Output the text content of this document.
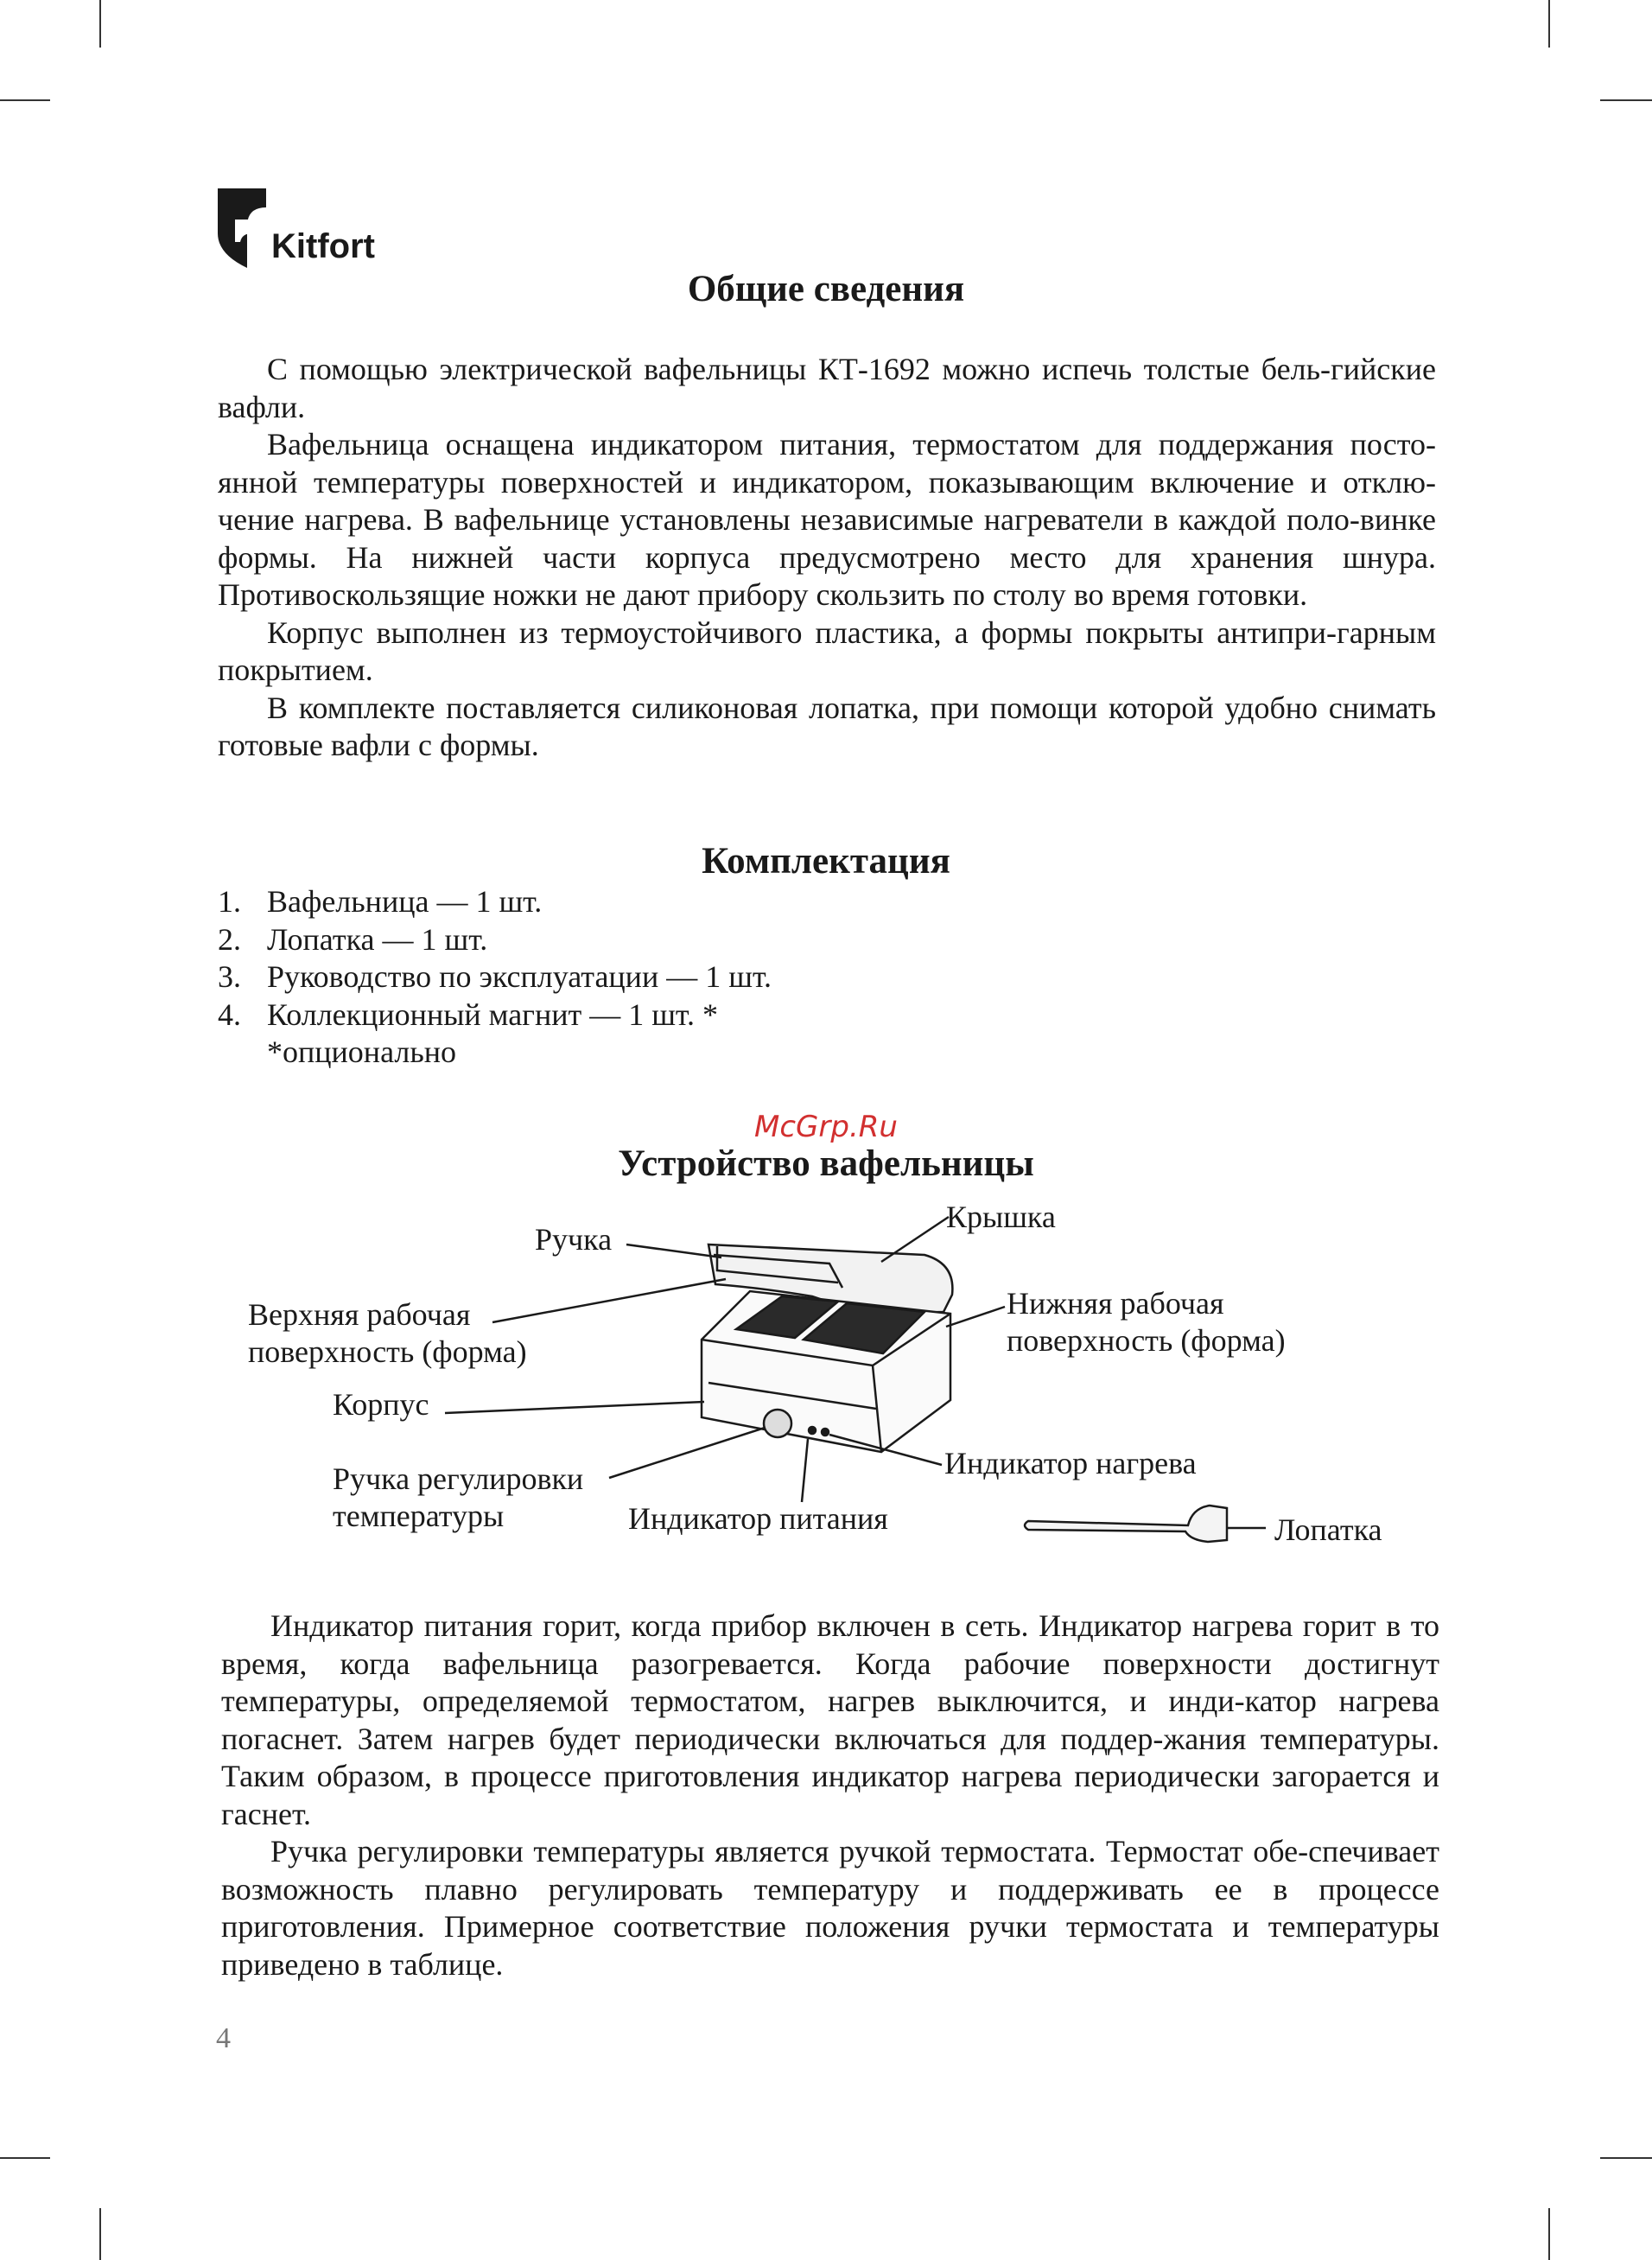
Kitfort
Общие сведения

С помощью электрической вафельницы КТ-1692 можно испечь толстые бель-гийские вафли.

Вафельница оснащена индикатором питания, термостатом для поддержания посто-янной температуры поверхностей и индикатором, показывающим включение и отклю-чение нагрева. В вафельнице установлены независимые нагреватели в каждой поло-винке формы. На нижней части корпуса предусмотрено место для хранения шнура. Противоскользящие ножки не дают прибору скользить по столу во время готовки.

Корпус выполнен из термоустойчивого пластика, а формы покрыты антипри-гарным покрытием.

В комплекте поставляется силиконовая лопатка, при помощи которой удобно снимать готовые вафли с формы.

Комплектация
1. Вафельница — 1 шт.
2. Лопатка — 1 шт.
3. Руководство по эксплуатации — 1 шт.
4. Коллекционный магнит — 1 шт. *
*опционально
McGrp.Ru
Устройство вафельницы
Ручка
Крышка
Верхняя рабочая
поверхность (форма)
Нижняя рабочая
поверхность (форма)
Корпус
Ручка регулировки
температуры
Индикатор нагрева
Индикатор питания	Лопатка

Индикатор питания горит, когда прибор включен в сеть. Индикатор нагрева горит в то время, когда вафельница разогревается. Когда рабочие поверхности достигнут температуры, определяемой термостатом, нагрев выключится, и инди-катор нагрева погаснет. Затем нагрев будет периодически включаться для поддер-жания температуры. Таким образом, в процессе приготовления индикатор нагрева периодически загорается и гаснет.

Ручка регулировки температуры является ручкой термостата. Термостат обе-спечивает возможность плавно регулировать температуру и поддерживать ее в процессе приготовления. Примерное соответствие положения ручки термостата и температуры приведено в таблице.

4
